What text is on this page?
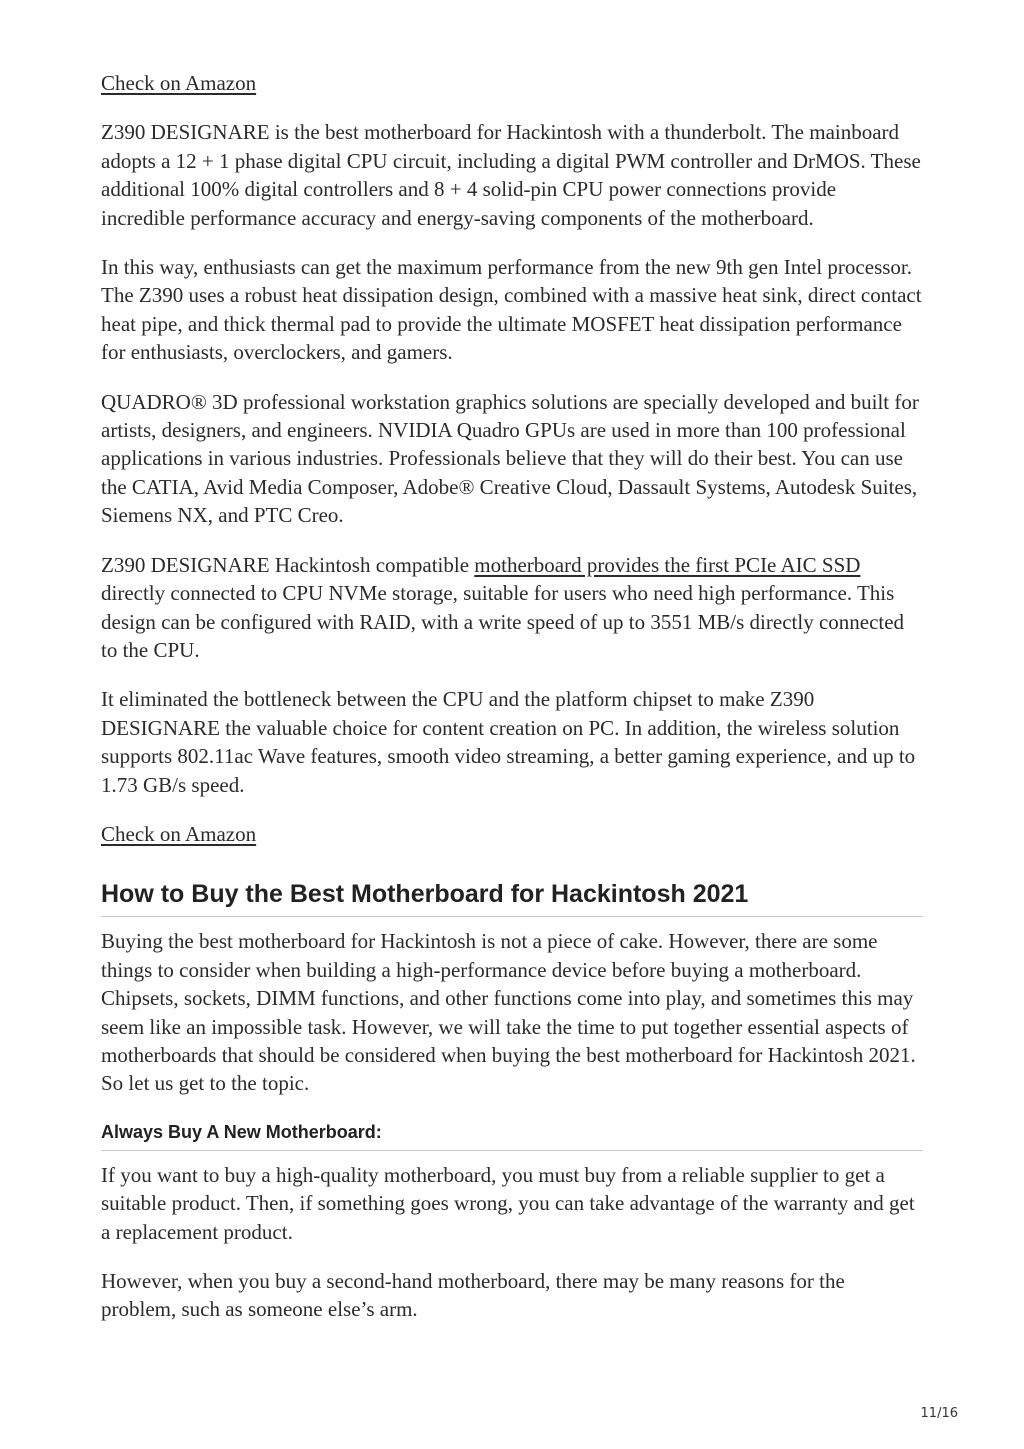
Check on Amazon

Z390 DESIGNARE is the best motherboard for Hackintosh with a thunderbolt. The mainboard adopts a 12 + 1 phase digital CPU circuit, including a digital PWM controller and DrMOS. These additional 100% digital controllers and 8 + 4 solid-pin CPU power connections provide incredible performance accuracy and energy-saving components of the motherboard.

In this way, enthusiasts can get the maximum performance from the new 9th gen Intel processor. The Z390 uses a robust heat dissipation design, combined with a massive heat sink, direct contact heat pipe, and thick thermal pad to provide the ultimate MOSFET heat dissipation performance for enthusiasts, overclockers, and gamers.

QUADRO® 3D professional workstation graphics solutions are specially developed and built for artists, designers, and engineers. NVIDIA Quadro GPUs are used in more than 100 professional applications in various industries. Professionals believe that they will do their best. You can use the CATIA, Avid Media Composer, Adobe® Creative Cloud, Dassault Systems, Autodesk Suites, Siemens NX, and PTC Creo.

Z390 DESIGNARE Hackintosh compatible motherboard provides the first PCIe AIC SSD directly connected to CPU NVMe storage, suitable for users who need high performance. This design can be configured with RAID, with a write speed of up to 3551 MB/s directly connected to the CPU.

It eliminated the bottleneck between the CPU and the platform chipset to make Z390 DESIGNARE the valuable choice for content creation on PC. In addition, the wireless solution supports 802.11ac Wave features, smooth video streaming, a better gaming experience, and up to 1.73 GB/s speed.

Check on Amazon

How to Buy the Best Motherboard for Hackintosh 2021

Buying the best motherboard for Hackintosh is not a piece of cake. However, there are some things to consider when building a high-performance device before buying a motherboard. Chipsets, sockets, DIMM functions, and other functions come into play, and sometimes this may seem like an impossible task. However, we will take the time to put together essential aspects of motherboards that should be considered when buying the best motherboard for Hackintosh 2021. So let us get to the topic.

Always Buy A New Motherboard:

If you want to buy a high-quality motherboard, you must buy from a reliable supplier to get a suitable product. Then, if something goes wrong, you can take advantage of the warranty and get a replacement product.

However, when you buy a second-hand motherboard, there may be many reasons for the problem, such as someone else’s arm.

11/16
